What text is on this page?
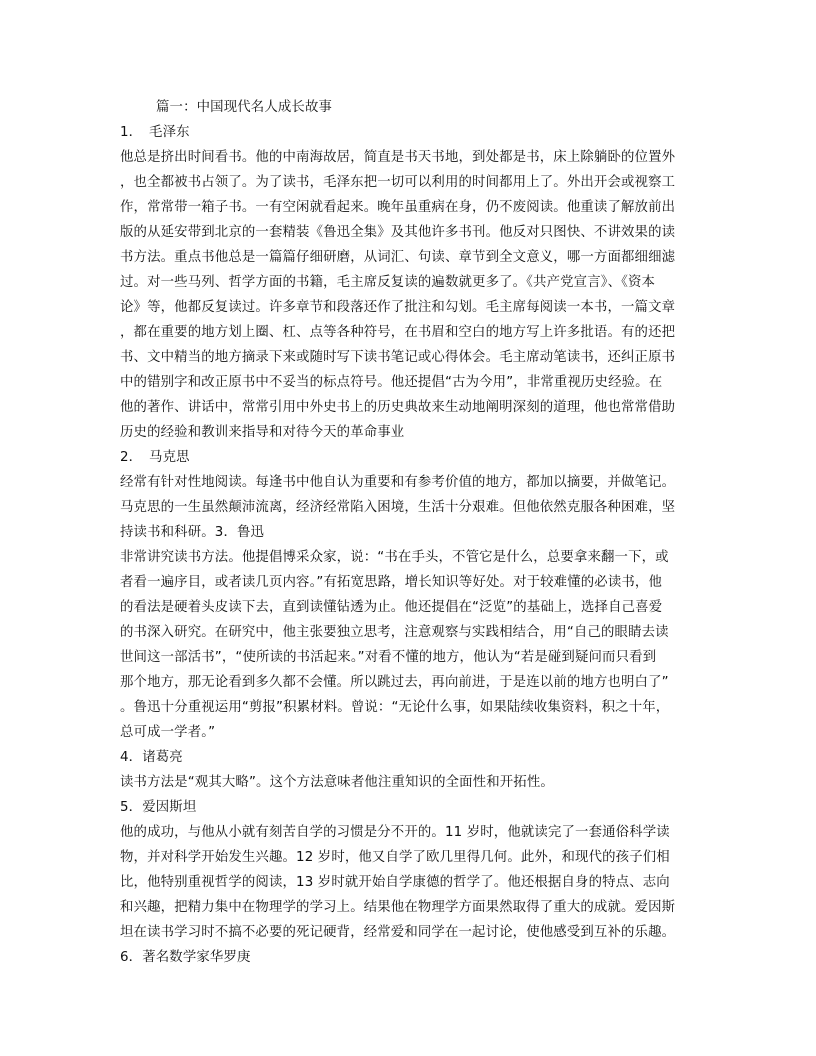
篇一：中国现代名人成长故事
1．　毛泽东
他总是挤出时间看书。他的中南海故居，简直是书天书地，到处都是书，床上除躺卧的位置外
，也全都被书占领了。为了读书，毛泽东把一切可以利用的时间都用上了。外出开会或视察工
作，常常带一箱子书。一有空闲就看起来。晚年虽重病在身，仍不废阅读。他重读了解放前出
版的从延安带到北京的一套精装《鲁迅全集》及其他许多书刊。他反对只图快、不讲效果的读
书方法。重点书他总是一篇篇仔细研磨，从词汇、句读、章节到全文意义，哪一方面都细细滤
过。对一些马列、哲学方面的书籍，毛主席反复读的遍数就更多了。《共产党宣言》、《资本
论》等，他都反复读过。许多章节和段落还作了批注和勾划。毛主席每阅读一本书，一篇文章
，都在重要的地方划上圈、杠、点等各种符号，在书眉和空白的地方写上许多批语。有的还把
书、文中精当的地方摘录下来或随时写下读书笔记或心得体会。毛主席动笔读书，还纠正原书
中的错别字和改正原书中不妥当的标点符号。他还提倡“古为今用”，非常重视历史经验。在
他的著作、讲话中，常常引用中外史书上的历史典故来生动地阐明深刻的道理，他也常常借助
历史的经验和教训来指导和对待今天的革命事业
2．　马克思
经常有针对性地阅读。每逢书中他自认为重要和有参考价值的地方，都加以摘要，并做笔记。
马克思的一生虽然颠沛流离，经济经常陷入困境，生活十分艰难。但他依然克服各种困难，坚
持读书和科研。3．鲁迅
非常讲究读书方法。他提倡博采众家，说：“书在手头，不管它是什么，总要拿来翻一下，或
者看一遍序目，或者读几页内容。”有拓宽思路，增长知识等好处。对于较难懂的必读书，他
的看法是硬着头皮读下去，直到读懂钻透为止。他还提倡在“泛览”的基础上，选择自己喜爱
的书深入研究。在研究中，他主张要独立思考，注意观察与实践相结合，用“自己的眼睛去读
世间这一部活书”，“使所读的书活起来。”对看不懂的地方，他认为“若是碰到疑问而只看到
那个地方，那无论看到多久都不会懂。所以跳过去，再向前进，于是连以前的地方也明白了”
。鲁迅十分重视运用“剪报”积累材料。曾说：“无论什么事，如果陆续收集资料，积之十年，
总可成一学者。”
4．诸葛亮
读书方法是“观其大略”。这个方法意味者他注重知识的全面性和开拓性。
5．爱因斯坦
他的成功，与他从小就有刻苦自学的习惯是分不开的。11 岁时，他就读完了一套通俗科学读
物，并对科学开始发生兴趣。12 岁时，他又自学了欧几里得几何。此外，和现代的孩子们相
比，他特别重视哲学的阅读，13 岁时就开始自学康德的哲学了。他还根据自身的特点、志向
和兴趣，把精力集中在物理学的学习上。结果他在物理学方面果然取得了重大的成就。爱因斯
坦在读书学习时不搞不必要的死记硬背，经常爱和同学在一起讨论，使他感受到互补的乐趣。
6．著名数学家华罗庚
